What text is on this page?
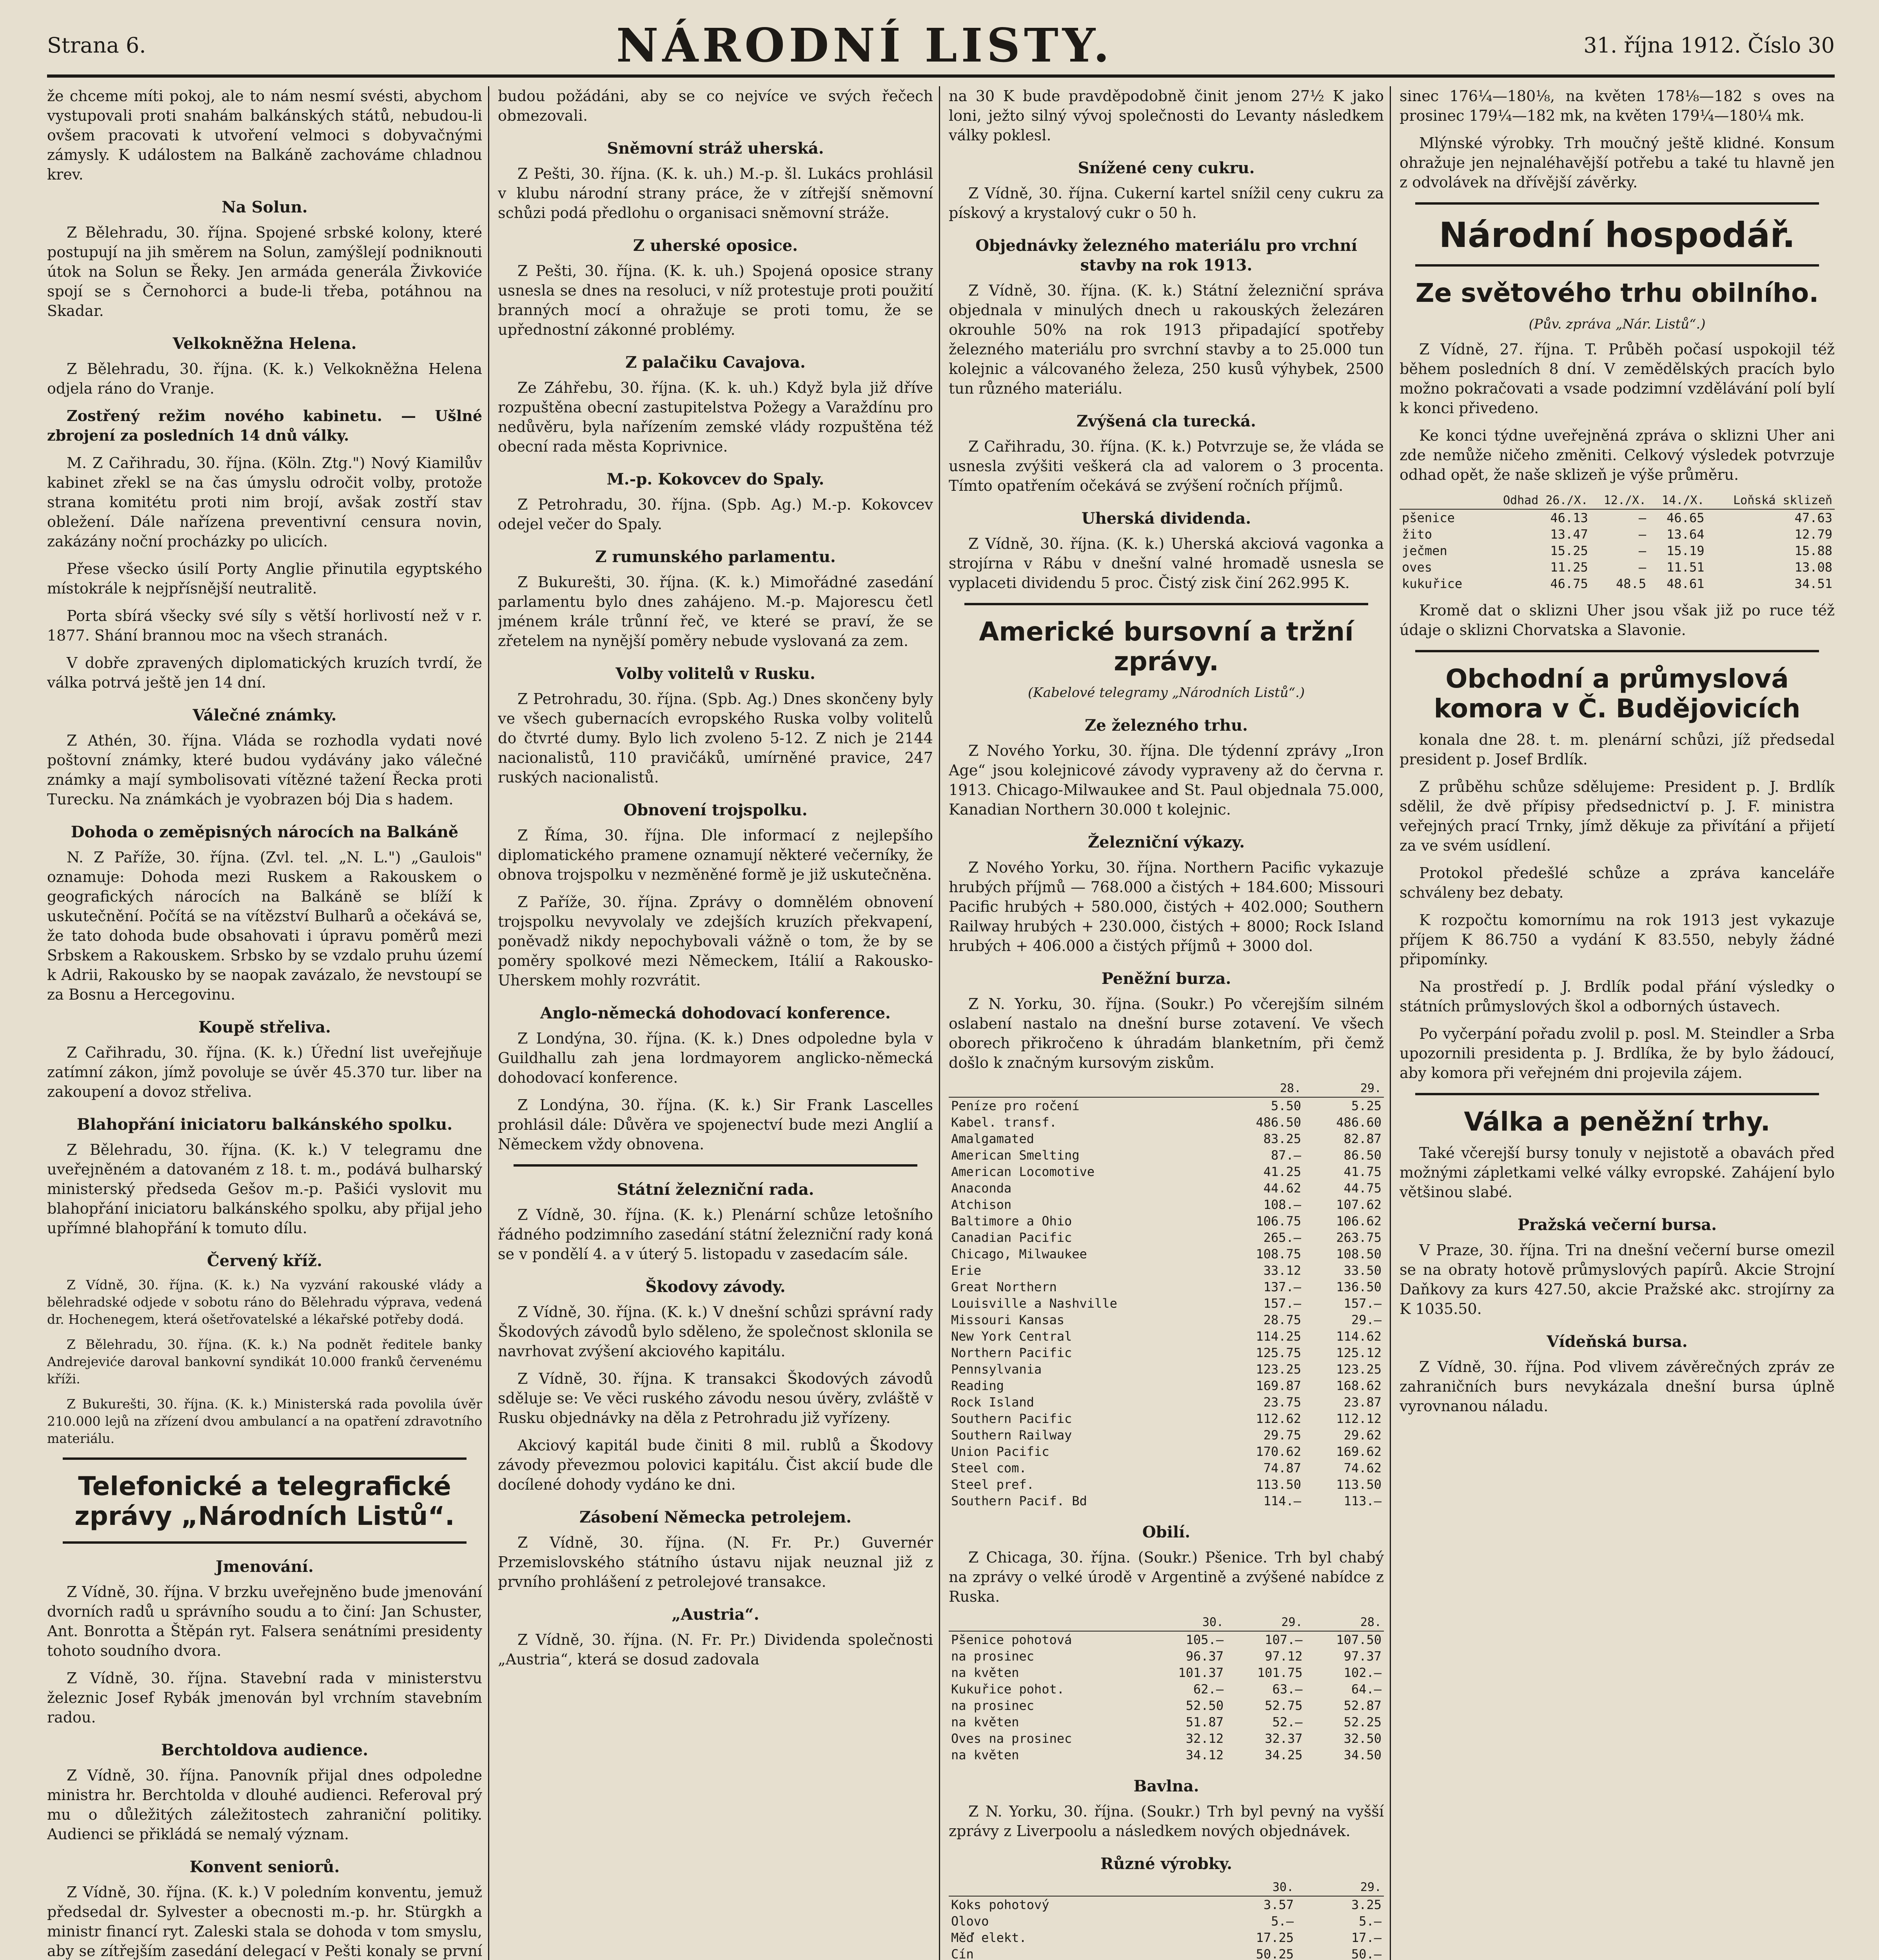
Strana 6.	NÁRODNÍ LISTY.	31. října 1912. Číslo 30

že chceme míti pokoj, ale to nám nesmí svésti, abychom vystupovali proti snahám balkánských států, nebudou-li ovšem pracovati k utvoření velmoci s dobyvačnými zámysly. K událostem na Balkáně zachováme chladnou krev.

Na Solun.

Z Bělehradu, 30. října. Spojené srbské kolony, které postupují na jih směrem na Solun, zamýšlejí podniknouti útok na Solun se Řeky. Jen armáda generála Živkoviće spojí se s Černohorci a bude-li třeba, potáhnou na Skadar.

Velkokněžna Helena.

Z Bělehradu, 30. října. (K. k.) Velkokněžna Helena odjela ráno do Vranje.

Zostřený režim nového kabinetu. — Ušlné zbrojení za posledních 14 dnů války.

M. Z Cařihradu, 30. října. (Köln. Ztg.") Nový Kiamilův kabinet zřekl se na čas úmyslu odročit volby, protože strana komitétu proti nim brojí, avšak zostří stav obležení. Dále nařízena preventivní censura novin, zakázány noční procházky po ulicích.

Přese všecko úsilí Porty Anglie přinutila egyptského místokrále k nejpřísnější neutralitě.

Porta sbírá všecky své síly s větší horlivostí než v r. 1877. Shání brannou moc na všech stranách.

V dobře zpravených diplomatických kruzích tvrdí, že válka potrvá ještě jen 14 dní.

Válečné známky.

Z Athén, 30. října. Vláda se rozhodla vydati nové poštovní známky, které budou vydávány jako válečné známky a mají symbolisovati vítězné tažení Řecka proti Turecku. Na známkách je vyobrazen bój Dia s hadem.

Dohoda o zeměpisných nárocích na Balkáně

N. Z Paříže, 30. října. (Zvl. tel. „N. L.") „Gaulois" oznamuje: Dohoda mezi Ruskem a Rakouskem o geografických nárocích na Balkáně se blíží k uskutečnění. Počítá se na vítězství Bulharů a očekává se, že tato dohoda bude obsahovati i úpravu poměrů mezi Srbskem a Rakouskem. Srbsko by se vzdalo pruhu území k Adrii, Rakousko by se naopak zavázalo, že nevstoupí se za Bosnu a Hercegovinu.

Koupě střeliva.

Z Cařihradu, 30. října. (K. k.) Úřední list uveřejňuje zatímní zákon, jímž povoluje se úvěr 45.370 tur. liber na zakoupení a dovoz střeliva.

Blahopřání iniciatoru balkánského spolku.

Z Bělehradu, 30. října. (K. k.) V telegramu dne uveřejněném a datovaném z 18. t. m., podává bulharský ministerský předseda Gešov m.-p. Pašići vyslovit mu blahopřání iniciatoru balkánského spolku, aby přijal jeho upřímné blahopřání k tomuto dílu.

Červený kříž.

Z Vídně, 30. října. (K. k.) Na vyzvání rakouské vlády a bělehradské odjede v sobotu ráno do Bělehradu výprava, vedená dr. Hochenegem, která ošetřovatelské a lékařské potřeby dodá.

Z Bělehradu, 30. října. (K. k.) Na podnět ředitele banky Andrejeviće daroval bankovní syndikát 10.000 franků červenému kříži.

Z Bukurešti, 30. října. (K. k.) Ministerská rada povolila úvěr 210.000 lejů na zřízení dvou ambulancí a na opatření zdravotního materiálu.

Telefonické a telegrafické zprávy „Národních Listů“.
Jmenování.

Z Vídně, 30. října. V brzku uveřejněno bude jmenování dvorních radů u správního soudu a to činí: Jan Schuster, Ant. Bonrotta a Štěpán ryt. Falsera senátními presidenty tohoto soudního dvora.

Z Vídně, 30. října. Stavební rada v ministerstvu železnic Josef Rybák jmenován byl vrchním stavebním radou.

Berchtoldova audience.

Z Vídně, 30. října. Panovník přijal dnes odpoledne ministra hr. Berchtolda v dlouhé audienci. Referoval prý mu o důležitých záležitostech zahraniční politiky. Audienci se přikládá se nemalý význam.

Konvent seniorů.

Z Vídně, 30. října. (K. k.) V poledním konventu, jemuž předsedal dr. Sylvester a obecnosti m.-p. hr. Stürgkh a ministr financí ryt. Zaleski stala se dohoda v tom smyslu, aby se zítřejším zasedání delegací v Pešti konaly se první

budou požádáni, aby se co nejvíce ve svých řečech obmezovali.

Sněmovní stráž uherská.

Z Pešti, 30. října. (K. k. uh.) M.-p. šl. Lukács prohlásil v klubu národní strany práce, že v zítřejší sněmovní schůzi podá předlohu o organisaci sněmovní stráže.

Z uherské oposice.

Z Pešti, 30. října. (K. k. uh.) Spojená oposice strany usnesla se dnes na resoluci, v níž protestuje proti použití branných mocí a ohražuje se proti tomu, že se upřednostní zákonné problémy.

Z palačiku Cavajova.

Ze Záhřebu, 30. října. (K. k. uh.) Když byla již dříve rozpuštěna obecní zastupitelstva Požegy a Varaždínu pro nedůvěru, byla nařízením zemské vlády rozpuštěna též obecní rada města Koprivnice.

M.-p. Kokovcev do Spaly.

Z Petrohradu, 30. října. (Spb. Ag.) M.-p. Kokovcev odejel večer do Spaly.

Z rumunského parlamentu.

Z Bukurešti, 30. října. (K. k.) Mimořádné zasedání parlamentu bylo dnes zahájeno. M.-p. Majorescu četl jménem krále trůnní řeč, ve které se praví, že se zřetelem na nynější poměry nebude vyslovaná za zem.

Volby volitelů v Rusku.

Z Petrohradu, 30. října. (Spb. Ag.) Dnes skončeny byly ve všech gubernacích evropského Ruska volby volitelů do čtvrté dumy. Bylo lich zvoleno 5-12. Z nich je 2144 nacionalistů, 110 pravičáků, umírněné pravice, 247 ruských nacionalistů.

Obnovení trojspolku.

Z Říma, 30. října. Dle informací z nejlepšího diplomatického pramene oznamují některé večerníky, že obnova trojspolku v nezměněné formě je již uskutečněna.

Z Paříže, 30. října. Zprávy o domnělém obnovení trojspolku nevyvolaly ve zdejších kruzích překvapení, poněvadž nikdy nepochybovali vážně o tom, že by se poměry spolkové mezi Německem, Itálií a Rakousko-Uherskem mohly rozvrátit.

Anglo-německá dohodovací konference.

Z Londýna, 30. října. (K. k.) Dnes odpoledne byla v Guildhallu zah jena lordmayorem anglicko-německá dohodovací konference.

Z Londýna, 30. října. (K. k.) Sir Frank Lascelles prohlásil dále: Důvěra ve spojenectví bude mezi Anglií a Německem vždy obnovena.

Státní železniční rada.

Z Vídně, 30. října. (K. k.) Plenární schůze letošního řádného podzimního zasedání státní železniční rady koná se v pondělí 4. a v úterý 5. listopadu v zasedacím sále.

Škodovy závody.

Z Vídně, 30. října. (K. k.) V dnešní schůzi správní rady Škodových závodů bylo sděleno, že společnost sklonila se navrhovat zvýšení akciového kapitálu.

Z Vídně, 30. října. K transakci Škodových závodů sděluje se: Ve věci ruského závodu nesou úvěry, zvláště v Rusku objednávky na děla z Petrohradu již vyřízeny.

Akciový kapitál bude činiti 8 mil. rublů a Škodovy závody převezmou polovici kapitálu. Čist akcií bude dle docílené dohody vydáno ke dni.

Zásobení Německa petrolejem.

Z Vídně, 30. října. (N. Fr. Pr.) Guvernér Przemislovského státního ústavu nijak neuznal již z prvního prohlášení z petrolejové transakce.

„Austria“.

Z Vídně, 30. října. (N. Fr. Pr.) Dividenda společnosti „Austria“, která se dosud zadovala

na 30 K bude pravděpodobně činit jenom 27½ K jako loni, ježto silný vývoj společnosti do Levanty následkem války poklesl.

Snížené ceny cukru.

Z Vídně, 30. října. Cukerní kartel snížil ceny cukru za pískový a krystalový cukr o 50 h.

Objednávky železného materiálu pro vrchní stavby na rok 1913.

Z Vídně, 30. října. (K. k.) Státní železniční správa objednala v minulých dnech u rakouských železáren okrouhle 50% na rok 1913 připadající spotřeby železného materiálu pro svrchní stavby a to 25.000 tun kolejnic a válcovaného železa, 250 kusů výhybek, 2500 tun různého materiálu.

Zvýšená cla turecká.

Z Cařihradu, 30. října. (K. k.) Potvrzuje se, že vláda se usnesla zvýšiti veškerá cla ad valorem o 3 procenta. Tímto opatřením očekává se zvýšení ročních příjmů.

Uherská dividenda.

Z Vídně, 30. října. (K. k.) Uherská akciová vagonka a strojírna v Rábu v dnešní valné hromadě usnesla se vyplaceti dividendu 5 proc. Čistý zisk činí 262.995 K.

Americké bursovní a tržní zprávy.
(Kabelové telegramy „Národních Listů“.)
Ze železného trhu.

Z Nového Yorku, 30. října. Dle týdenní zprávy „Iron Age“ jsou kolejnicové závody vypraveny až do června r. 1913. Chicago-Milwaukee and St. Paul objednala 75.000, Kanadian Northern 30.000 t kolejnic.

Železniční výkazy.

Z Nového Yorku, 30. října. Northern Pacific vykazuje hrubých příjmů — 768.000 a čistých + 184.600; Missouri Pacific hrubých + 580.000, čistých + 402.000; Southern Railway hrubých + 230.000, čistých + 8000; Rock Island hrubých + 406.000 a čistých příjmů + 3000 dol.

Peněžní burza.

Z N. Yorku, 30. října. (Soukr.) Po včerejším silném oslabení nastalo na dnešní burse zotavení. Ve všech oborech přikročeno k úhradám blanketním, při čemž došlo k značným kursovým ziskům.

	28.	29.
Peníze pro ročení	5.50	5.25
Kabel. transf.	486.50	486.60
Amalgamated	83.25	82.87
American Smelting	87.—	86.50
American Locomotive	41.25	41.75
Anaconda	44.62	44.75
Atchison	108.—	107.62
Baltimore a Ohio	106.75	106.62
Canadian Pacific	265.—	263.75
Chicago, Milwaukee	108.75	108.50
Erie	33.12	33.50
Great Northern	137.—	136.50
Louisville a Nashville	157.—	157.—
Missouri Kansas	28.75	29.—
New York Central	114.25	114.62
Northern Pacific	125.75	125.12
Pennsylvania	123.25	123.25
Reading	169.87	168.62
Rock Island	23.75	23.87
Southern Pacific	112.62	112.12
Southern Railway	29.75	29.62
Union Pacific	170.62	169.62
Steel com.	74.87	74.62
Steel pref.	113.50	113.50
Southern Pacif. Bd	114.—	113.—
Obilí.

Z Chicaga, 30. října. (Soukr.) Pšenice. Trh byl chabý na zprávy o velké úrodě v Argentině a zvýšené nabídce z Ruska.

	30.	29.	28.
Pšenice pohotová	105.—	107.—	107.50
na prosinec	96.37	97.12	97.37
na květen	101.37	101.75	102.—
Kukuřice pohot.	62.—	63.—	64.—
na prosinec	52.50	52.75	52.87
na květen	51.87	52.—	52.25
Oves na prosinec	32.12	32.37	32.50
na květen	34.12	34.25	34.50
Bavlna.

Z N. Yorku, 30. října. (Soukr.) Trh byl pevný na vyšší zprávy z Liverpoolu a následkem nových objednávek.

Různé výrobky.
	30.	29.
Koks pohotový	3.57	3.25
Olovo	5.—	5.—
Měď elekt.	17.25	17.—
Cín	50.25	50.—

sinec 176¼—180⅛, na květen 178⅛—182 s oves na prosinec 179¼—182 mk, na květen 179¼—180¼ mk.

Mlýnské výrobky. Trh moučný ještě klidné. Konsum ohražuje jen nejnaléhavější potřebu a také tu hlavně jen z odvolávek na dřívější závěrky.

Národní hospodář.
Ze světového trhu obilního.
(Pův. zpráva „Nár. Listů“.)

Z Vídně, 27. října. T. Průběh počasí uspokojil též během posledních 8 dní. V zemědělských pracích bylo možno pokračovati a vsade podzimní vzdělávání polí bylí k konci přivedeno.

Ke konci týdne uveřejněná zpráva o sklizni Uher ani zde nemůže ničeho změniti. Celkový výsledek potvrzuje odhad opět, že naše sklizeň je výše průměru.

	Odhad 26./X.	12./X.	14./X.	Loňská sklizeň
pšenice	46.13	—	46.65	47.63
žito	13.47	—	13.64	12.79
ječmen	15.25	—	15.19	15.88
oves	11.25	—	11.51	13.08
kukuřice	46.75	48.5	48.61	34.51

Kromě dat o sklizni Uher jsou však již po ruce též údaje o sklizni Chorvatska a Slavonie.

Obchodní a průmyslová komora v Č. Budějovicích

konala dne 28. t. m. plenární schůzi, jíž předsedal president p. Josef Brdlík.

Z průběhu schůze sdělujeme: President p. J. Brdlík sdělil, že dvě přípisy předsednictví p. J. F. ministra veřejných prací Trnky, jímž děkuje za přivítání a přijetí za ve svém usídlení.

Protokol předešlé schůze a zpráva kanceláře schváleny bez debaty.

K rozpočtu komornímu na rok 1913 jest vykazuje příjem K 86.750 a vydání K 83.550, nebyly žádné připomínky.

Na prostředí p. J. Brdlík podal přání výsledky o státních průmyslových škol a odborných ústavech.

Po vyčerpání pořadu zvolil p. posl. M. Steindler a Srba upozornili presidenta p. J. Brdlíka, že by bylo žádoucí, aby komora při veřejném dni projevila zájem.

Válka a peněžní trhy.

Také včerejší bursy tonuly v nejistotě a obavách před možnými zápletkami velké války evropské. Zahájení bylo většinou slabé.

Pražská večerní bursa.

V Praze, 30. října. Tri na dnešní večerní burse omezil se na obraty hotově průmyslových papírů. Akcie Strojní Daňkovy za kurs 427.50, akcie Pražské akc. strojírny za K 1035.50.

Vídeňská bursa.

Z Vídně, 30. října. Pod vlivem závěrečných zpráv ze zahraničních burs nevykázala dnešní bursa úplně vyrovnanou náladu.
